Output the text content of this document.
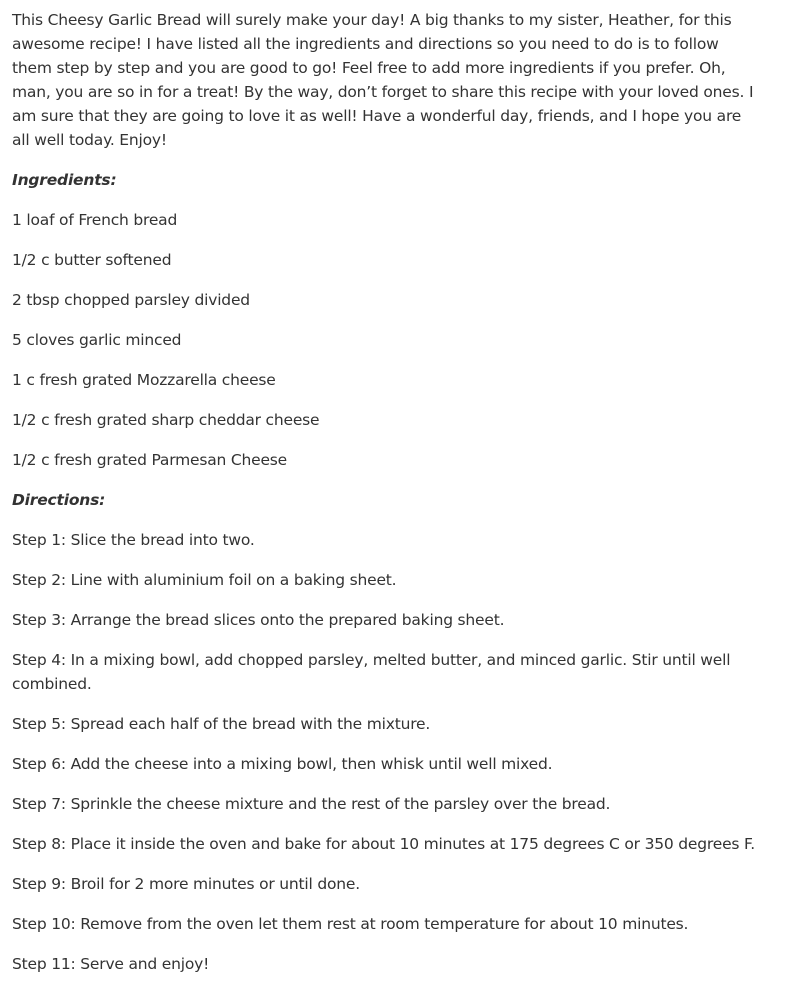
This Cheesy Garlic Bread will surely make your day! A big thanks to my sister, Heather, for this awesome recipe! I have listed all the ingredients and directions so you need to do is to follow them step by step and you are good to go! Feel free to add more ingredients if you prefer. Oh, man, you are so in for a treat! By the way, don’t forget to share this recipe with your loved ones. I am sure that they are going to love it as well! Have a wonderful day, friends, and I hope you are all well today. Enjoy!

Ingredients:

1 loaf of French bread

1/2 c butter softened

2 tbsp chopped parsley divided

5 cloves garlic minced

1 c fresh grated Mozzarella cheese

1/2 c fresh grated sharp cheddar cheese

1/2 c fresh grated Parmesan Cheese

Directions:

Step 1: Slice the bread into two.

Step 2: Line with aluminium foil on a baking sheet.

Step 3: Arrange the bread slices onto the prepared baking sheet.

Step 4: In a mixing bowl, add chopped parsley, melted butter, and minced garlic. Stir until well combined.

Step 5: Spread each half of the bread with the mixture.

Step 6: Add the cheese into a mixing bowl, then whisk until well mixed.

Step 7: Sprinkle the cheese mixture and the rest of the parsley over the bread.

Step 8: Place it inside the oven and bake for about 10 minutes at 175 degrees C or 350 degrees F.

Step 9: Broil for 2 more minutes or until done.

Step 10: Remove from the oven let them rest at room temperature for about 10 minutes.

Step 11: Serve and enjoy!
